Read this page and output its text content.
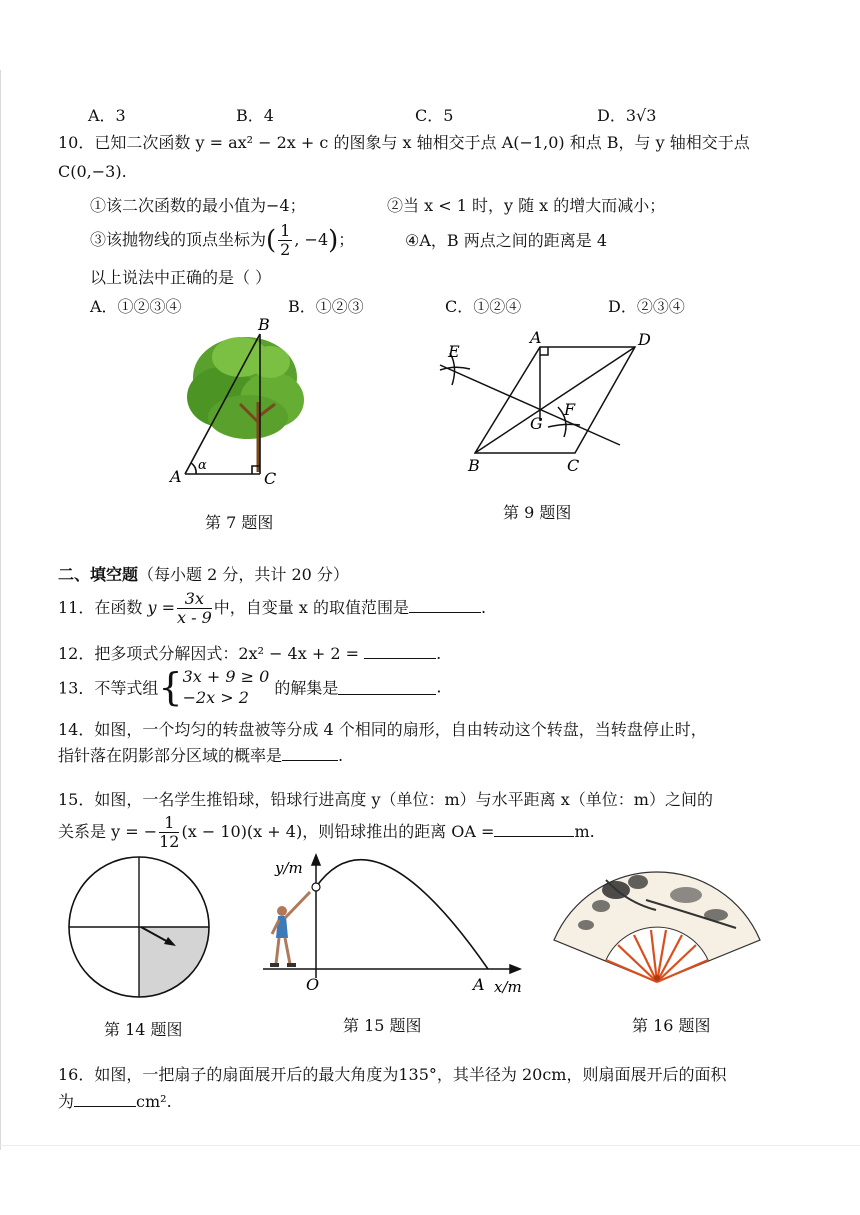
A．3	B．4	C．5	D．3√3
10．已知二次函数 y = ax² − 2x + c 的图象与 x 轴相交于点 A(−1,0) 和点 B，与 y 轴相交于点
C(0,−3).
①该二次函数的最小值为−4；	②当 x < 1 时，y 随 x 的增大而减小；
③该抛物线的顶点坐标为( $\frac{1}{2}$ , −4)；	④A，B 两点之间的距离是 4
以上说法中正确的是（ ）
A．①②③④	B．①②③	C．①②④	D．②③④
A
B
C
α
第 7 题图
A	D
B	C
E
F
G
第 9 题图
二、填空题（每小题 2 分，共计 20 分）
11．在函数 $y = \frac{3x}{x - 9}$ 中，自变量 x 的取值范围是	.
12．把多项式分解因式：2x² − 4x + 2 =	.
13．不等式组{ 3x + 9 ≥ 0
−2x > 2	的解集是	.
14．如图，一个均匀的转盘被等分成 4 个相同的扇形，自由转动这个转盘，当转盘停止时，
指针落在阴影部分区域的概率是	.
15．如图，一名学生推铅球，铅球行进高度 y（单位：m）与水平距离 x（单位：m）之间的
关系是 y = − $\frac{1}{12} (x - 10)(x + 4)$，则铅球推出的距离 OA =	m.
第 14 题图
y/m
O	A x/m
第 15 题图	第 16 题图
16．如图，一把扇子的扇面展开后的最大角度为135°，其半径为 20cm，则扇面展开后的面积
为	cm².
